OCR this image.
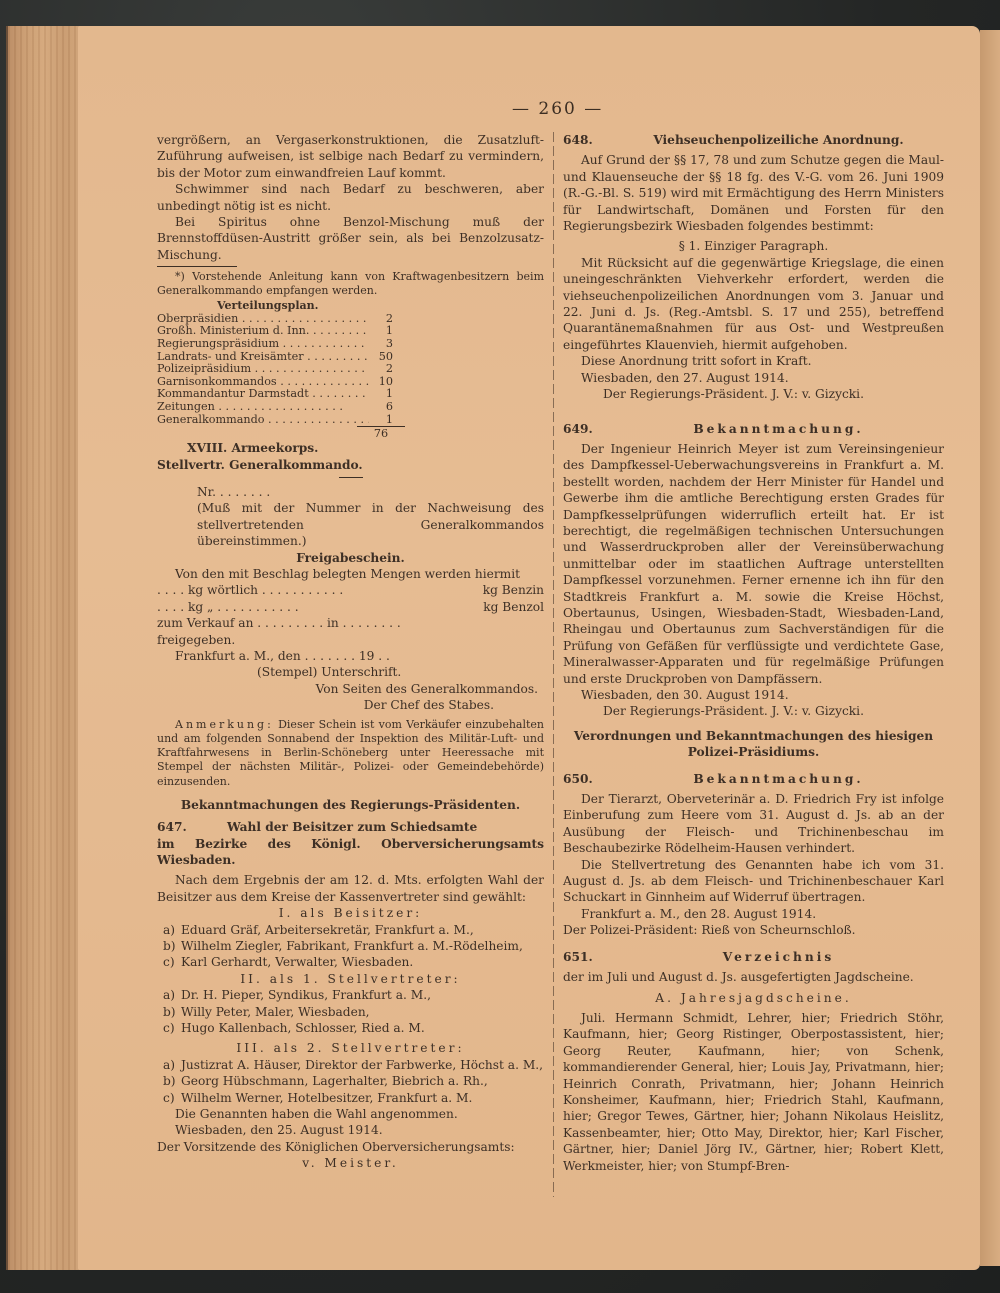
— 260 —

vergrößern, an Vergaserkonstruktionen, die Zusatzluft-Zuführung aufweisen, ist selbige nach Bedarf zu vermindern, bis der Motor zum einwandfreien Lauf kommt.

Schwimmer sind nach Bedarf zu beschweren, aber unbedingt nötig ist es nicht.

Bei Spiritus ohne Benzol-Mischung muß der Brennstoffdüsen-Austritt größer sein, als bei Benzolzusatz-Mischung.

*) Vorstehende Anleitung kann von Kraftwagenbesitzern beim Generalkommando empfangen werden.

Verteilungsplan.

Oberpräsidien . . .	2
Großh. Ministerium d. Inn. . . .	1
Regierungspräsidium . . .	3
Landrats- und Kreisämter . . .	50
Polizeipräsidium . . .	2
Garnisonkommandos . . .	10
Kommandantur Darmstadt . . .	1
Zeitungen . . .	6
Generalkommando . . .	1
76

XVIII. Armeekorps.

Stellvertr. Generalkommando.

Nr. . . . . . . .

(Muß mit der Nummer in der Nachweisung des stellvertretenden Generalkommandos übereinstimmen.)

Freigabeschein.

Von den mit Beschlag belegten Mengen werden hiermit

. . . . kg wörtlich . . . . . . . . . . .	kg Benzin
. . . . kg „ . . . . . . . . . . .	kg Benzol

zum Verkauf an . . . . . . . . . in . . . . . . . .

freigegeben.

Frankfurt a. M., den . . . . . . . 19 . .

(Stempel) Unterschrift.

Von Seiten des Generalkommandos.

Der Chef des Stabes.

Anmerkung: Dieser Schein ist vom Verkäufer einzubehalten und am folgenden Sonnabend der Inspektion des Militär-Luft- und Kraftfahrwesens in Berlin-Schöneberg unter Heeressache mit Stempel der nächsten Militär-, Polizei- oder Gemeindebehörde) einzusenden.

Bekanntmachungen des Regierungs-Präsidenten.

647.	Wahl der Beisitzer zum Schiedsamte

im Bezirke des Königl. Oberversicherungsamts Wiesbaden.

Nach dem Ergebnis der am 12. d. Mts. erfolgten Wahl der Beisitzer aus dem Kreise der Kassenvertreter sind gewählt:

I. als Beisitzer:

a) Eduard Gräf, Arbeitersekretär, Frankfurt a. M.,
b) Wilhelm Ziegler, Fabrikant, Frankfurt a. M.-Rödelheim,
c) Karl Gerhardt, Verwalter, Wiesbaden.

II. als 1. Stellvertreter:

a) Dr. H. Pieper, Syndikus, Frankfurt a. M.,
b) Willy Peter, Maler, Wiesbaden,
c) Hugo Kallenbach, Schlosser, Ried a. M.

III. als 2. Stellvertreter:

a) Justizrat A. Häuser, Direktor der Farbwerke, Höchst a. M.,
b) Georg Hübschmann, Lagerhalter, Biebrich a. Rh.,
c) Wilhelm Werner, Hotelbesitzer, Frankfurt a. M.

Die Genannten haben die Wahl angenommen.

Wiesbaden, den 25. August 1914.

Der Vorsitzende des Königlichen Oberversicherungsamts:

v. Meister.

648.	Viehseuchenpolizeiliche Anordnung.

Auf Grund der §§ 17, 78 und zum Schutze gegen die Maul- und Klauenseuche der §§ 18 fg. des V.-G. vom 26. Juni 1909 (R.-G.-Bl. S. 519) wird mit Ermächtigung des Herrn Ministers für Landwirtschaft, Domänen und Forsten für den Regierungsbezirk Wiesbaden folgendes bestimmt:

§ 1. Einziger Paragraph.

Mit Rücksicht auf die gegenwärtige Kriegslage, die einen uneingeschränkten Viehverkehr erfordert, werden die viehseuchenpolizeilichen Anordnungen vom 3. Januar und 22. Juni d. Js. (Reg.-Amtsbl. S. 17 und 255), betreffend Quarantänemaßnahmen für aus Ost- und Westpreußen eingeführtes Klauenvieh, hiermit aufgehoben.

Diese Anordnung tritt sofort in Kraft.

Wiesbaden, den 27. August 1914.

Der Regierungs-Präsident. J. V.: v. Gizycki.

649.	Bekanntmachung.

Der Ingenieur Heinrich Meyer ist zum Vereinsingenieur des Dampfkessel-Ueberwachungsvereins in Frankfurt a. M. bestellt worden, nachdem der Herr Minister für Handel und Gewerbe ihm die amtliche Berechtigung ersten Grades für Dampfkesselprüfungen widerruflich erteilt hat. Er ist berechtigt, die regelmäßigen technischen Untersuchungen und Wasserdruckproben aller der Vereinsüberwachung unmittelbar oder im staatlichen Auftrage unterstellten Dampfkessel vorzunehmen. Ferner ernenne ich ihn für den Stadtkreis Frankfurt a. M. sowie die Kreise Höchst, Obertaunus, Usingen, Wiesbaden-Stadt, Wiesbaden-Land, Rheingau und Obertaunus zum Sachverständigen für die Prüfung von Gefäßen für verflüssigte und verdichtete Gase, Mineralwasser-Apparaten und für regelmäßige Prüfungen und erste Druckproben von Dampfässern.

Wiesbaden, den 30. August 1914.

Der Regierungs-Präsident. J. V.: v. Gizycki.

Verordnungen und Bekanntmachungen des hiesigen Polizei-Präsidiums.

650.	Bekanntmachung.

Der Tierarzt, Oberveterinär a. D. Friedrich Fry ist infolge Einberufung zum Heere vom 31. August d. Js. ab an der Ausübung der Fleisch- und Trichinenbeschau im Beschaubezirke Rödelheim-Hausen verhindert.

Die Stellvertretung des Genannten habe ich vom 31. August d. Js. ab dem Fleisch- und Trichinenbeschauer Karl Schuckart in Ginnheim auf Widerruf übertragen.

Frankfurt a. M., den 28. August 1914.

Der Polizei-Präsident: Rieß von Scheurnschloß.

651.	Verzeichnis

der im Juli und August d. Js. ausgefertigten Jagdscheine.

A. Jahresjagdscheine.

Juli. Hermann Schmidt, Lehrer, hier; Friedrich Stöhr, Kaufmann, hier; Georg Ristinger, Oberpostassistent, hier; Georg Reuter, Kaufmann, hier; von Schenk, kommandierender General, hier; Louis Jay, Privatmann, hier; Heinrich Conrath, Privatmann, hier; Johann Heinrich Konsheimer, Kaufmann, hier; Friedrich Stahl, Kaufmann, hier; Gregor Tewes, Gärtner, hier; Johann Nikolaus Heislitz, Kassenbeamter, hier; Otto May, Direktor, hier; Karl Fischer, Gärtner, hier; Daniel Jörg IV., Gärtner, hier; Robert Klett, Werkmeister, hier; von Stumpf-Bren-
